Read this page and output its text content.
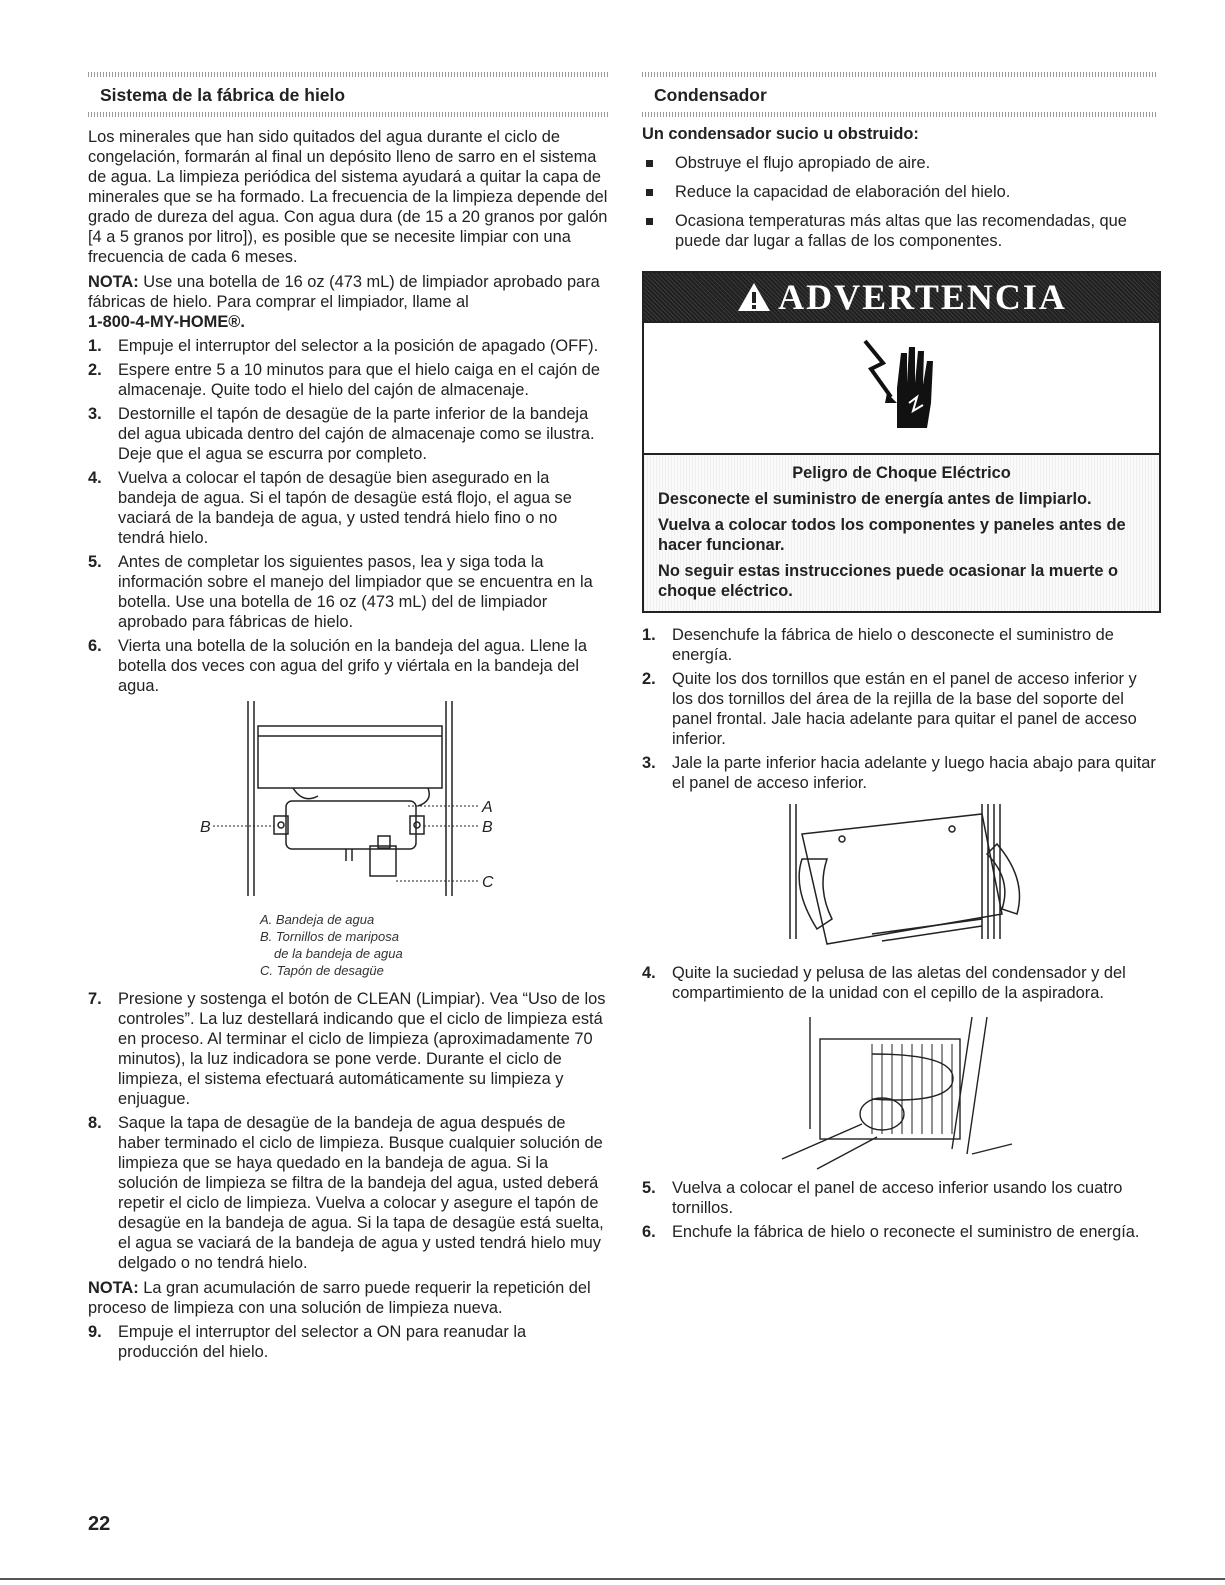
Sistema de la fábrica de hielo

Los minerales que han sido quitados del agua durante el ciclo de congelación, formarán al final un depósito lleno de sarro en el sistema de agua. La limpieza periódica del sistema ayudará a quitar la capa de minerales que se ha formado. La frecuencia de la limpieza depende del grado de dureza del agua. Con agua dura (de 15 a 20 granos por galón [4 a 5 granos por litro]), es posible que se necesite limpiar con una frecuencia de cada 6 meses.

NOTA: Use una botella de 16 oz (473 mL) de limpiador aprobado para fábricas de hielo. Para comprar el limpiador, llame al

1-800-4-MY-HOME®.

1. Empuje el interruptor del selector a la posición de apagado (OFF).
2. Espere entre 5 a 10 minutos para que el hielo caiga en el cajón de almacenaje. Quite todo el hielo del cajón de almacenaje.
3. Destornille el tapón de desagüe de la parte inferior de la bandeja del agua ubicada dentro del cajón de almacenaje como se ilustra. Deje que el agua se escurra por completo.
4. Vuelva a colocar el tapón de desagüe bien asegurado en la bandeja de agua. Si el tapón de desagüe está flojo, el agua se vaciará de la bandeja de agua, y usted tendrá hielo fino o no tendrá hielo.
5. Antes de completar los siguientes pasos, lea y siga toda la información sobre el manejo del limpiador que se encuentra en la botella. Use una botella de 16 oz (473 mL) del de limpiador aprobado para fábricas de hielo.
6. Vierta una botella de la solución en la bandeja del agua. Llene la botella dos veces con agua del grifo y viértala en la bandeja del agua.
A
B	B
C
A. Bandeja de agua
B. Tornillos de mariposa
de la bandeja de agua
C. Tapón de desagüe
7. Presione y sostenga el botón de CLEAN (Limpiar). Vea “Uso de los controles”. La luz destellará indicando que el ciclo de limpieza está en proceso. Al terminar el ciclo de limpieza (aproximadamente 70 minutos), la luz indicadora se pone verde. Durante el ciclo de limpieza, el sistema efectuará automáticamente su limpieza y enjuague.
8. Saque la tapa de desagüe de la bandeja de agua después de haber terminado el ciclo de limpieza. Busque cualquier solución de limpieza que se haya quedado en la bandeja de agua. Si la solución de limpieza se filtra de la bandeja del agua, usted deberá repetir el ciclo de limpieza. Vuelva a colocar y asegure el tapón de desagüe en la bandeja de agua. Si la tapa de desagüe está suelta, el agua se vaciará de la bandeja de agua y usted tendrá hielo muy delgado o no tendrá hielo.

NOTA: La gran acumulación de sarro puede requerir la repetición del proceso de limpieza con una solución de limpieza nueva.

9. Empuje el interruptor del selector a ON para reanudar la producción del hielo.
Condensador
Un condensador sucio u obstruido:
Obstruye el flujo apropiado de aire.
Reduce la capacidad de elaboración del hielo.
Ocasiona temperaturas más altas que las recomendadas, que puede dar lugar a fallas de los componentes.
ADVERTENCIA

Peligro de Choque Eléctrico

Desconecte el suministro de energía antes de limpiarlo.

Vuelva a colocar todos los componentes y paneles antes de hacer funcionar.

No seguir estas instrucciones puede ocasionar la muerte o choque eléctrico.

1. Desenchufe la fábrica de hielo o desconecte el suministro de energía.
2. Quite los dos tornillos que están en el panel de acceso inferior y los dos tornillos del área de la rejilla de la base del soporte del panel frontal. Jale hacia adelante para quitar el panel de acceso inferior.
3. Jale la parte inferior hacia adelante y luego hacia abajo para quitar el panel de acceso inferior.
4. Quite la suciedad y pelusa de las aletas del condensador y del compartimiento de la unidad con el cepillo de la aspiradora.
5. Vuelva a colocar el panel de acceso inferior usando los cuatro tornillos.
6. Enchufe la fábrica de hielo o reconecte el suministro de energía.
22
